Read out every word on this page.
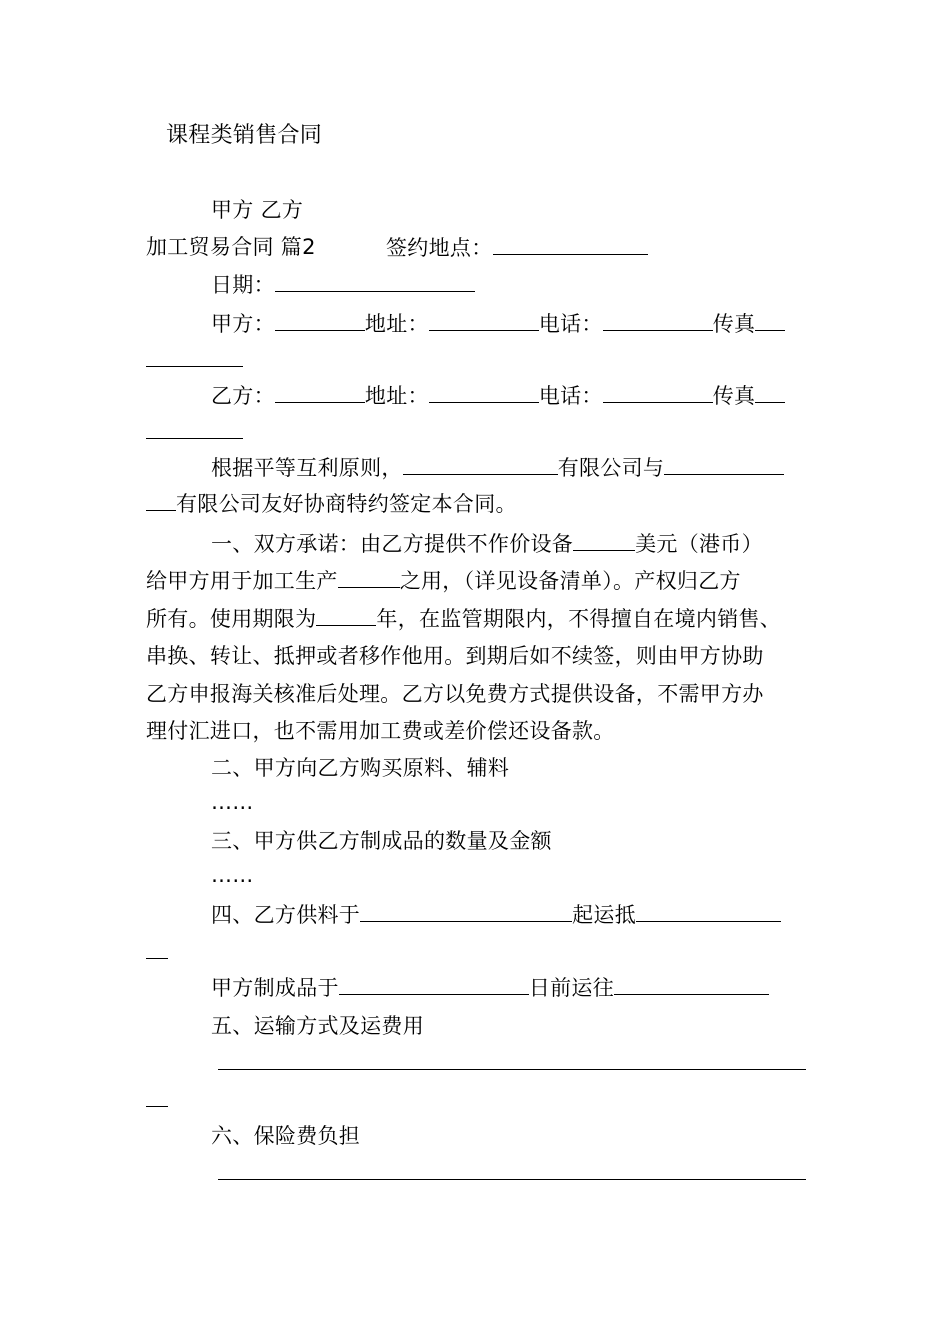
课程类销售合同

甲方 乙方

加工贸易合同 篇2	签约地点：

日期：

甲方：	地址：	电话：	传真

乙方：	地址：	电话：	传真

根据平等互利原则，	有限公司与

有限公司友好协商特约签定本合同。

一、双方承诺：由乙方提供不作价设备	美元（港币）

给甲方用于加工生产	之用，（详见设备清单）。产权归乙方

所有。使用期限为	年，在监管期限内，不得擅自在境内销售、

串换、转让、抵押或者移作他用。到期后如不续签，则由甲方协助

乙方申报海关核准后处理。乙方以免费方式提供设备，不需甲方办

理付汇进口，也不需用加工费或差价偿还设备款。

二、甲方向乙方购买原料、辅料

……

三、甲方供乙方制成品的数量及金额

……

四、乙方供料于	起运抵

甲方制成品于	日前运往

五、运输方式及运费用

六、保险费负担
